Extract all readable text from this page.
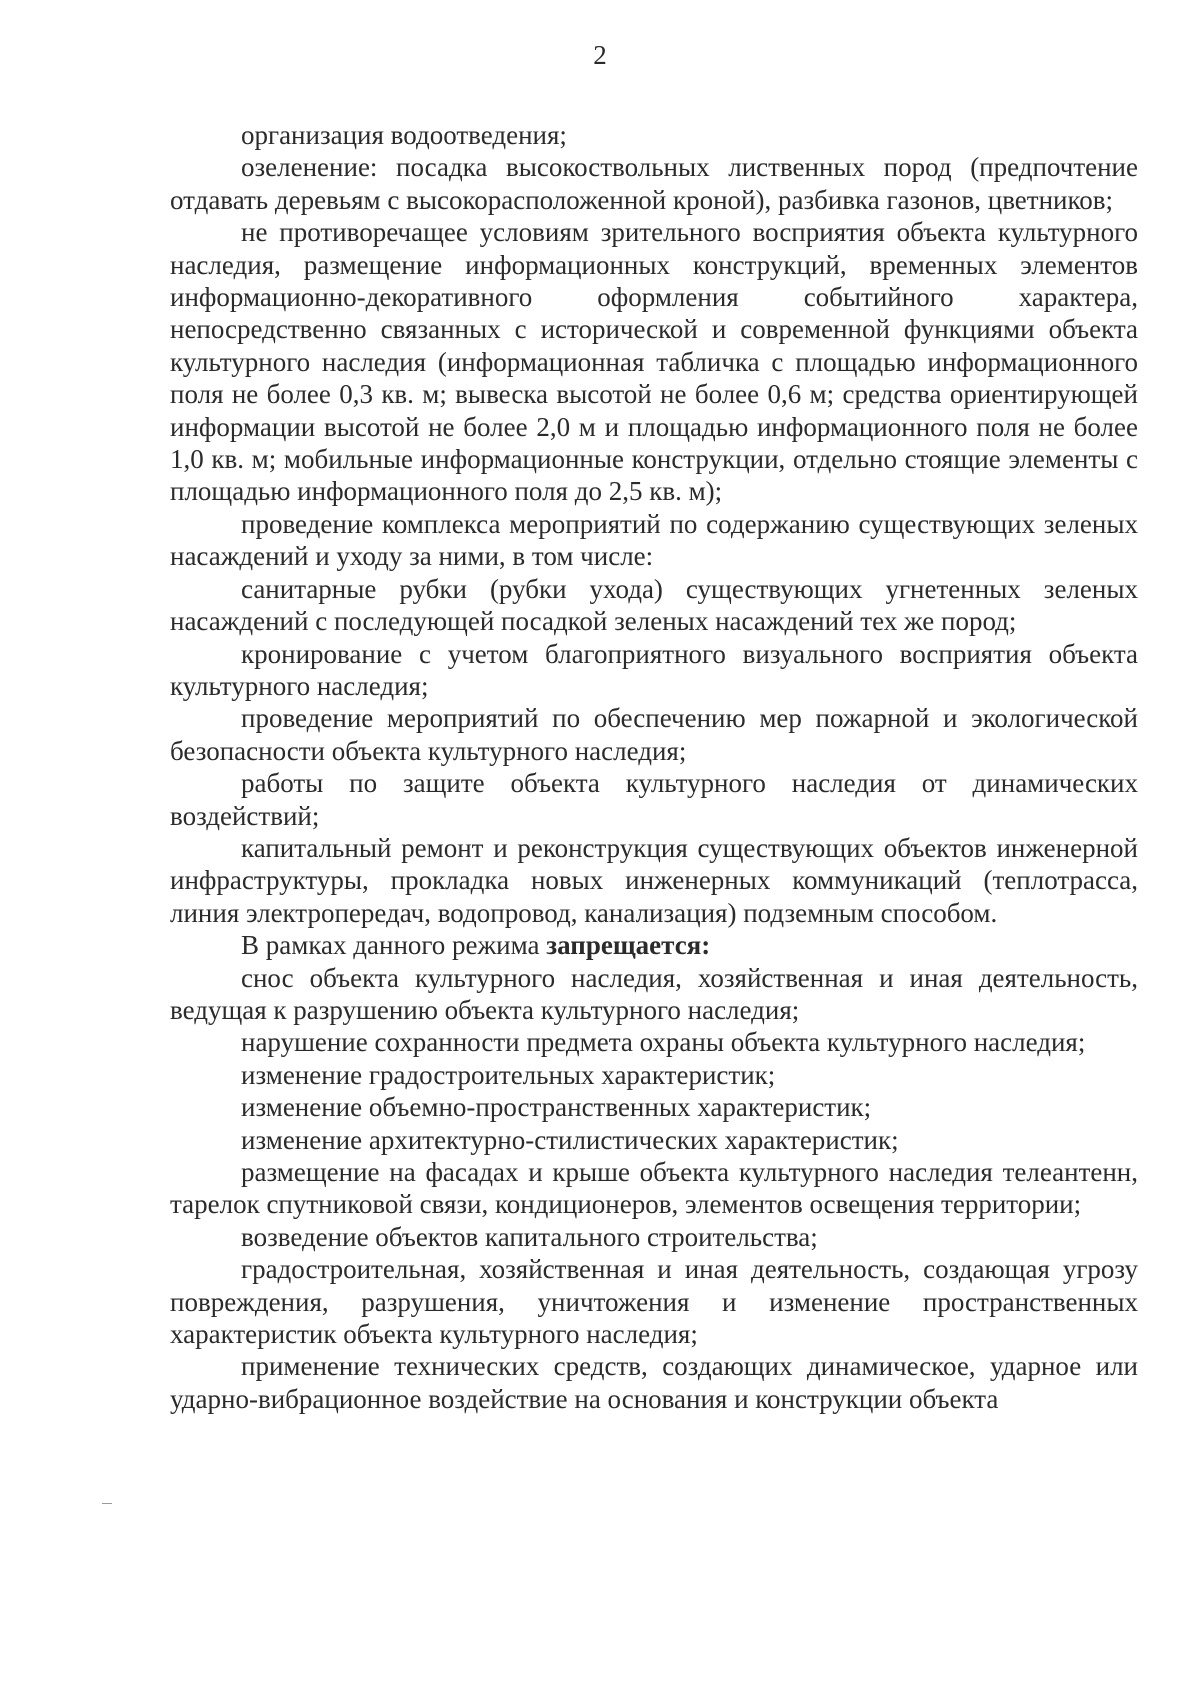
2

организация водоотведения;

озеленение: посадка высокоствольных лиственных пород (предпочтение отдавать деревьям с высокорасположенной кроной), разбивка газонов, цветников;

не противоречащее условиям зрительного восприятия объекта культурного наследия, размещение информационных конструкций, временных элементов информационно-декоративного оформления событийного характера, непосредственно связанных с исторической и современной функциями объекта культурного наследия (информационная табличка с площадью информационного поля не более 0,3 кв. м; вывеска высотой не более 0,6 м; средства ориентирующей информации высотой не более 2,0 м и площадью информационного поля не более 1,0 кв. м; мобильные информационные конструкции, отдельно стоящие элементы с площадью информационного поля до 2,5 кв. м);

проведение комплекса мероприятий по содержанию существующих зеленых насаждений и уходу за ними, в том числе:

санитарные рубки (рубки ухода) существующих угнетенных зеленых насаждений с последующей посадкой зеленых насаждений тех же пород;

кронирование с учетом благоприятного визуального восприятия объекта культурного наследия;

проведение мероприятий по обеспечению мер пожарной и экологической безопасности объекта культурного наследия;

работы по защите объекта культурного наследия от динамических воздействий;

капитальный ремонт и реконструкция существующих объектов инженерной инфраструктуры, прокладка новых инженерных коммуникаций (теплотрасса, линия электропередач, водопровод, канализация) подземным способом.

В рамках данного режима запрещается:

снос объекта культурного наследия, хозяйственная и иная деятельность, ведущая к разрушению объекта культурного наследия;

нарушение сохранности предмета охраны объекта культурного наследия;

изменение градостроительных характеристик;

изменение объемно-пространственных характеристик;

изменение архитектурно-стилистических характеристик;

размещение на фасадах и крыше объекта культурного наследия телеантенн, тарелок спутниковой связи, кондиционеров, элементов освещения территории;

возведение объектов капитального строительства;

градостроительная, хозяйственная и иная деятельность, создающая угрозу повреждения, разрушения, уничтожения и изменение пространственных характеристик объекта культурного наследия;

применение технических средств, создающих динамическое, ударное или ударно-вибрационное воздействие на основания и конструкции объекта
